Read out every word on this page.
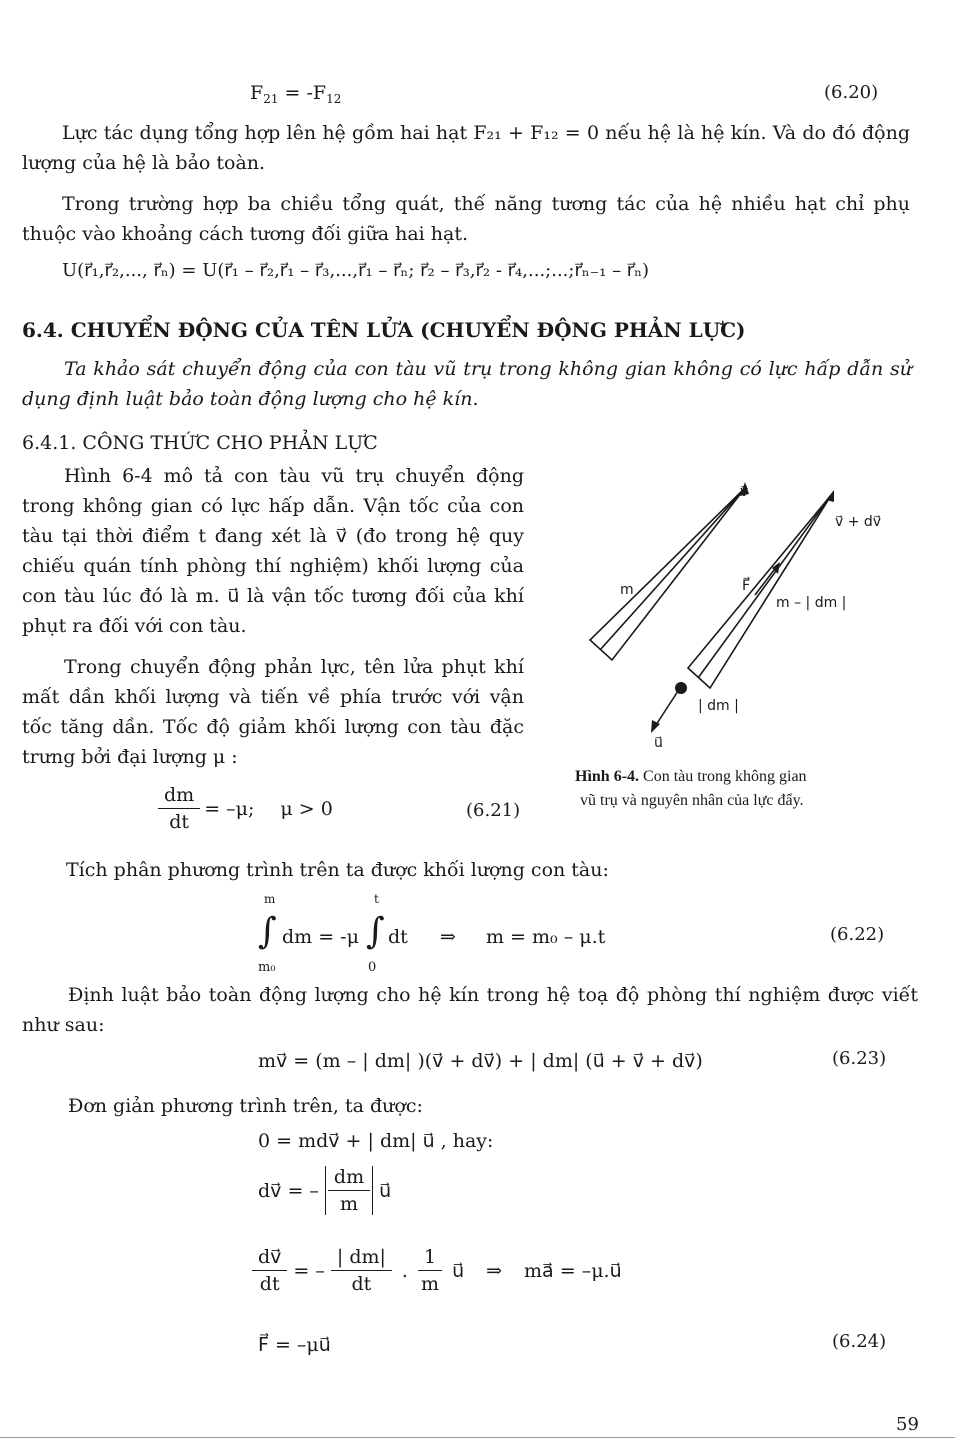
$F_{21} = -F_{12}$	(6.20)
Lực tác dụng tổng hợp lên hệ gồm hai hạt F₂₁ + F₁₂ = 0 nếu hệ là hệ kín. Và do đó động lượng của hệ là bảo toàn.
Trong trường hợp ba chiều tổng quát, thế năng tương tác của hệ nhiều hạt chỉ phụ thuộc vào khoảng cách tương đối giữa hai hạt.
U(r⃗₁,r⃗₂,..., r⃗ₙ) = U(r⃗₁ – r⃗₂,r⃗₁ – r⃗₃,...,r⃗₁ – r⃗ₙ; r⃗₂ – r⃗₃,r⃗₂ - r⃗₄,...;...;r⃗ₙ₋₁ – r⃗ₙ)
6.4. CHUYỂN ĐỘNG CỦA TÊN LỬA (CHUYỂN ĐỘNG PHẢN LỰC)
Ta khảo sát chuyển động của con tàu vũ trụ trong không gian không có lực hấp dẫn sử dụng định luật bảo toàn động lượng cho hệ kín.
6.4.1. CÔNG THỨC CHO PHẢN LỰC
Hình 6-4 mô tả con tàu vũ trụ chuyển động trong không gian có lực hấp dẫn. Vận tốc của con tàu tại thời điểm t đang xét là v⃗ (đo trong hệ quy chiếu quán tính phòng thí nghiệm) khối lượng của con tàu lúc đó là m. u⃗ là vận tốc tương đối của khí phụt ra đối với con tàu.
Trong chuyển động phản lực, tên lửa phụt khí mất dần khối lượng và tiến về phía trước với vận tốc tăng dần. Tốc độ giảm khối lượng con tàu đặc trưng bởi đại lượng μ :
v⃗
v⃗ + dv⃗
m	F⃗
m – | dm |
| dm |
u⃗
Hình 6-4. Con tàu trong không gian
vũ trụ và nguyên nhân của lực đẩy.
$\frac{dm}{dt} = -\mu$; μ > 0	(6.21)
Tích phân phương trình trên ta được khối lượng con tàu:
m
∫
m₀
dm = -μ
t
∫
0
dt ⇒ m = m₀ – μ.t	(6.22)
Định luật bảo toàn động lượng cho hệ kín trong hệ toạ độ phòng thí nghiệm được viết như sau:
mv⃗ = (m – | dm| )(v⃗ + dv⃗) + | dm| (u⃗ + v⃗ + dv⃗)	(6.23)
Đơn giản phương trình trên, ta được:
0 = mdv⃗ + | dm| u⃗ , hay:
dv⃗ = – $\frac{dm}{m}$ u⃗
$\frac{dv⃗}{dt}$ = – $\frac{| dm|}{dt}$ . $\frac{1}{m}$ u⃗ ⇒ ma⃗ = –μ.u⃗
F⃗ = –μu⃗	(6.24)
59
